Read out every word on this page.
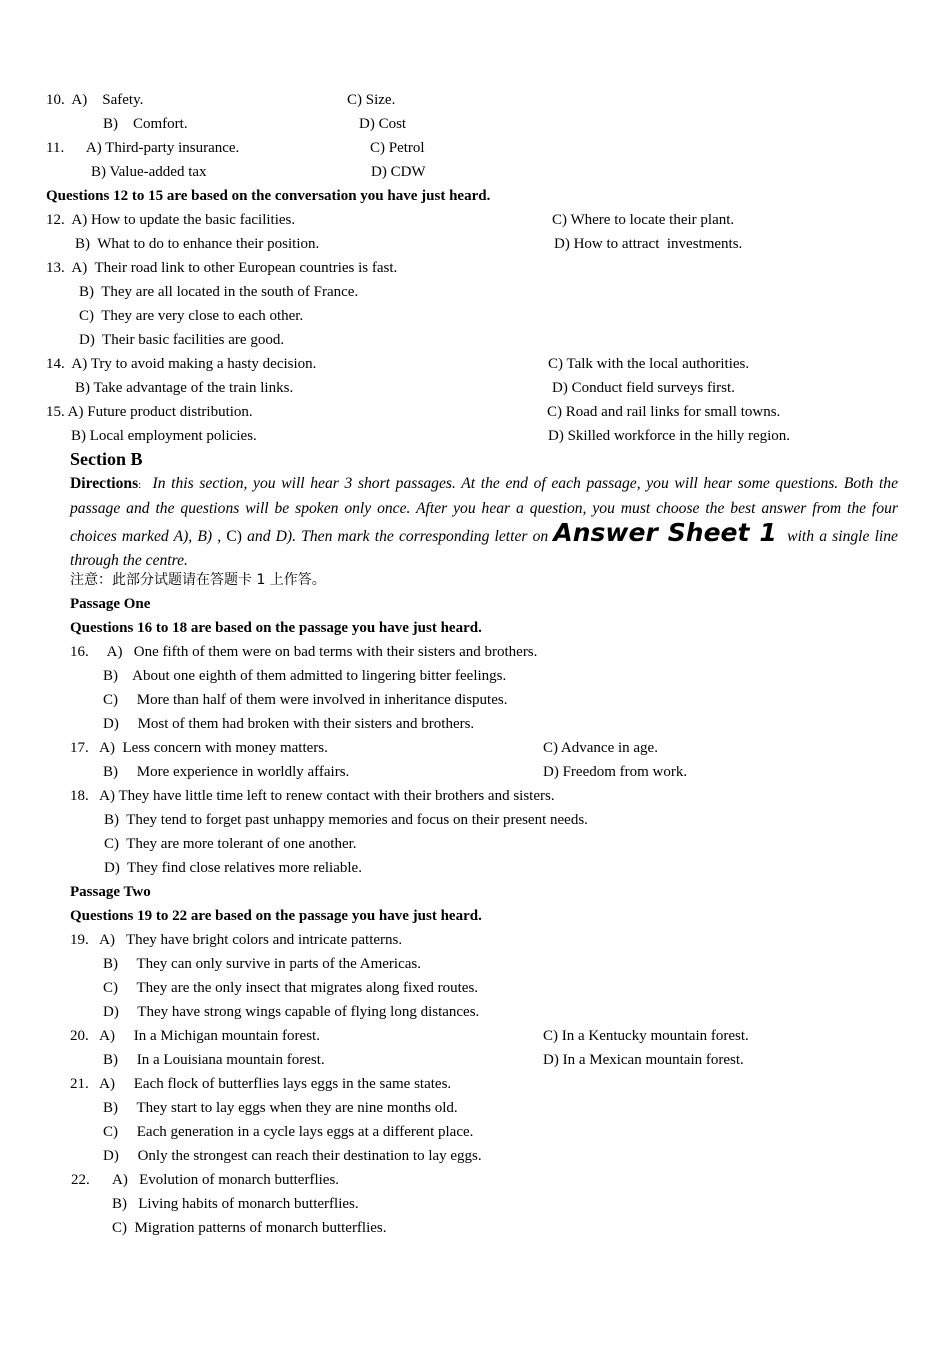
10.  A)    Safety.	C) Size.
B)    Comfort.	D) Cost
11.      A) Third-party insurance.	C) Petrol
B) Value-added tax	D) CDW
Questions 12 to 15 are based on the conversation you have just heard.
12.  A) How to update the basic facilities.	C) Where to locate their plant.
B)  What to do to enhance their position.	D) How to attract  investments.
13.  A)  Their road link to other European countries is fast.
B)  They are all located in the south of France.
C)  They are very close to each other.
D)  Their basic facilities are good.
14.  A) Try to avoid making a hasty decision.	C) Talk with the local authorities.
B) Take advantage of the train links.	D) Conduct field surveys first.
15. A) Future product distribution.	C) Road and rail links for small towns.
B) Local employment policies.	D) Skilled workforce in the hilly region.
Section B
Directions: In this section, you will hear 3 short passages. At the end of each passage, you will hear some questions. Both the passage and the questions will be spoken only once. After you hear a question, you must choose the best answer from the four choices marked A), B) , C) and D). Then mark the corresponding letter on Answer Sheet 1 with a single line through the centre.
注意：此部分试题请在答题卡 1 上作答。
Passage One
Questions 16 to 18 are based on the passage you have just heard.
16.     A)   One fifth of them were on bad terms with their sisters and brothers.
B)    About one eighth of them admitted to lingering bitter feelings.
C)     More than half of them were involved in inheritance disputes.
D)     Most of them had broken with their sisters and brothers.
17.   A)  Less concern with money matters.	C) Advance in age.
B)     More experience in worldly affairs.	D) Freedom from work.
18.   A) They have little time left to renew contact with their brothers and sisters.
B)  They tend to forget past unhappy memories and focus on their present needs.
C)  They are more tolerant of one another.
D)  They find close relatives more reliable.
Passage Two
Questions 19 to 22 are based on the passage you have just heard.
19.   A)   They have bright colors and intricate patterns.
B)     They can only survive in parts of the Americas.
C)     They are the only insect that migrates along fixed routes.
D)     They have strong wings capable of flying long distances.
20.   A)     In a Michigan mountain forest.	C) In a Kentucky mountain forest.
B)     In a Louisiana mountain forest.	D) In a Mexican mountain forest.
21.   A)     Each flock of butterflies lays eggs in the same states.
B)     They start to lay eggs when they are nine months old.
C)     Each generation in a cycle lays eggs at a different place.
D)     Only the strongest can reach their destination to lay eggs.
22. A)   Evolution of monarch butterflies.
B)   Living habits of monarch butterflies.
C)  Migration patterns of monarch butterflies.
